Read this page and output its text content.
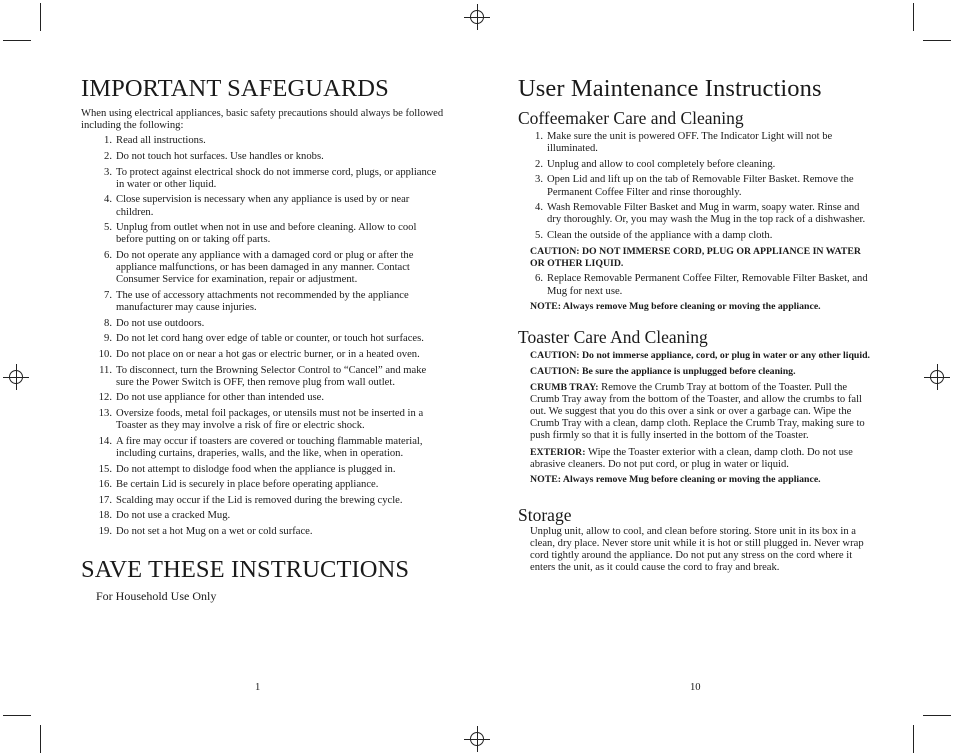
IMPORTANT SAFEGUARDS

When using electrical appliances, basic safety precautions should always be followed including the following:

1. Read all instructions.
2. Do not touch hot surfaces. Use handles or knobs.
3. To protect against electrical shock do not immerse cord, plugs, or appliance in water or other liquid.
4. Close supervision is necessary when any appliance is used by or near children.
5. Unplug from outlet when not in use and before cleaning. Allow to cool before putting on or taking off parts.
6. Do not operate any appliance with a damaged cord or plug or after the appliance malfunctions, or has been damaged in any manner. Contact Consumer Service for examination, repair or adjustment.
7. The use of accessory attachments not recommended by the appliance manufacturer may cause injuries.
8. Do not use outdoors.
9. Do not let cord hang over edge of table or counter, or touch hot surfaces.
10. Do not place on or near a hot gas or electric burner, or in a heated oven.
11. To disconnect, turn the Browning Selector Control to “Cancel” and make sure the Power Switch is OFF, then remove plug from wall outlet.
12. Do not use appliance for other than intended use.
13. Oversize foods, metal foil packages, or utensils must not be inserted in a Toaster as they may involve a risk of fire or electric shock.
14. A fire may occur if toasters are covered or touching flammable material, including curtains, draperies, walls, and the like, when in operation.
15. Do not attempt to dislodge food when the appliance is plugged in.
16. Be certain Lid is securely in place before operating appliance.
17. Scalding may occur if the Lid is removed during the brewing cycle.
18. Do not use a cracked Mug.
19. Do not set a hot Mug on a wet or cold surface.
SAVE THESE INSTRUCTIONS

For Household Use Only

1
User Maintenance Instructions
Coffeemaker Care and Cleaning
1. Make sure the unit is powered OFF. The Indicator Light will not be illuminated.
2. Unplug and allow to cool completely before cleaning.
3. Open Lid and lift up on the tab of Removable Filter Basket. Remove the Permanent Coffee Filter and rinse thoroughly.
4. Wash Removable Filter Basket and Mug in warm, soapy water. Rinse and dry thoroughly. Or, you may wash the Mug in the top rack of a dishwasher.
5. Clean the outside of the appliance with a damp cloth.

CAUTION: DO NOT IMMERSE CORD, PLUG OR APPLIANCE IN WATER OR OTHER LIQUID.

6. Replace Removable Permanent Coffee Filter, Removable Filter Basket, and Mug for next use.

NOTE: Always remove Mug before cleaning or moving the appliance.

Toaster Care And Cleaning

CAUTION: Do not immerse appliance, cord, or plug in water or any other liquid.

CAUTION: Be sure the appliance is unplugged before cleaning.

CRUMB TRAY: Remove the Crumb Tray at bottom of the Toaster. Pull the Crumb Tray away from the bottom of the Toaster, and allow the crumbs to fall out. We suggest that you do this over a sink or over a garbage can. Wipe the Crumb Tray with a clean, damp cloth. Replace the Crumb Tray, making sure to push firmly so that it is fully inserted in the bottom of the Toaster.

EXTERIOR: Wipe the Toaster exterior with a clean, damp cloth. Do not use abrasive cleaners. Do not put cord, or plug in water or liquid.

NOTE: Always remove Mug before cleaning or moving the appliance.

Storage

Unplug unit, allow to cool, and clean before storing. Store unit in its box in a clean, dry place. Never store unit while it is hot or still plugged in. Never wrap cord tightly around the appliance. Do not put any stress on the cord where it enters the unit, as it could cause the cord to fray and break.

10
